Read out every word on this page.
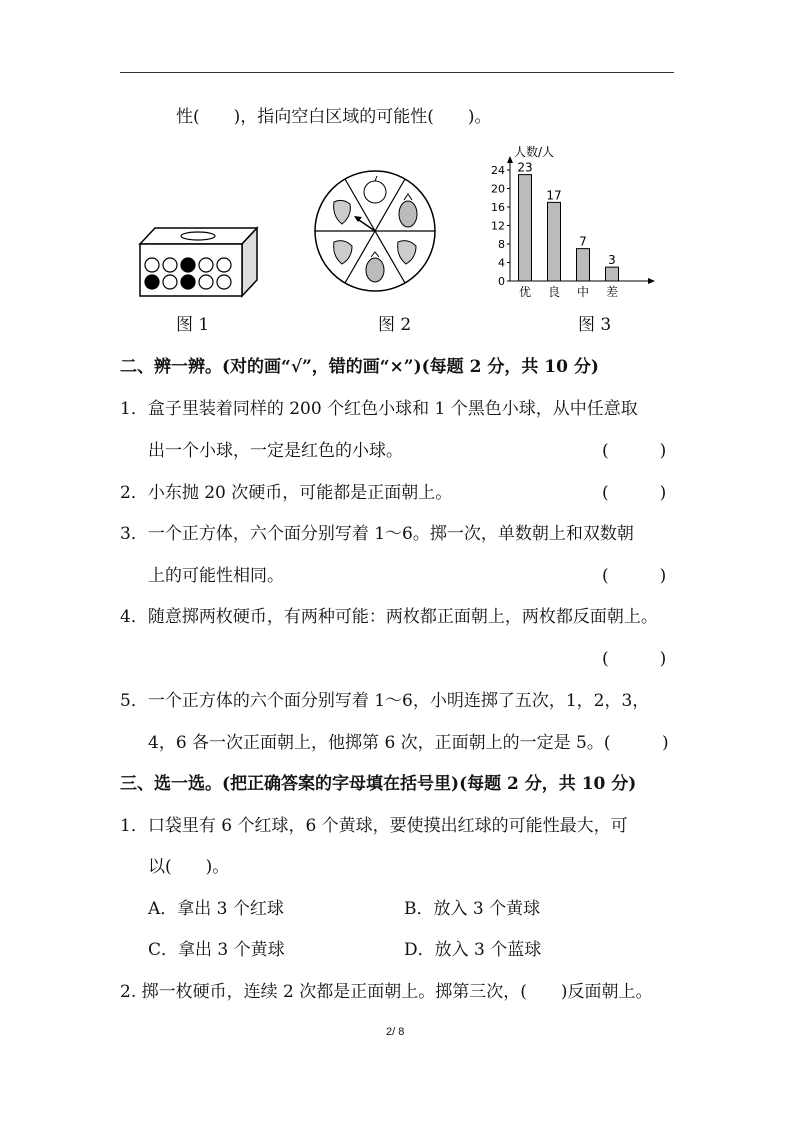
性(　　)，指向空白区域的可能性(　　)。
人数/人
0
4
8
12
16
20
24 23
优
17
良
7
中
3
差
图 1	图 2	图 3
二、辨一辨。(对的画“√”，错的画“×”)(每题 2 分，共 10 分)
1．盒子里装着同样的 200 个红色小球和 1 个黑色小球，从中任意取
出一个小球，一定是红色的小球。	(　　　)
2．小东抛 20 次硬币，可能都是正面朝上。	(　　　)
3．一个正方体，六个面分别写着 1～6。掷一次，单数朝上和双数朝
上的可能性相同。	(　　　)
4．随意掷两枚硬币，有两种可能：两枚都正面朝上，两枚都反面朝上。
(　　　)
5．一个正方体的六个面分别写着 1～6，小明连掷了五次，1，2，3，
4，6 各一次正面朝上，他掷第 6 次，正面朝上的一定是 5。(	)
三、选一选。(把正确答案的字母填在括号里)(每题 2 分，共 10 分)
1．口袋里有 6 个红球，6 个黄球，要使摸出红球的可能性最大，可
以(　　)。
A．拿出 3 个红球	B．放入 3 个黄球
C．拿出 3 个黄球	D．放入 3 个蓝球
2. 掷一枚硬币，连续 2 次都是正面朝上。掷第三次，(　　)反面朝上。
2/ 8
